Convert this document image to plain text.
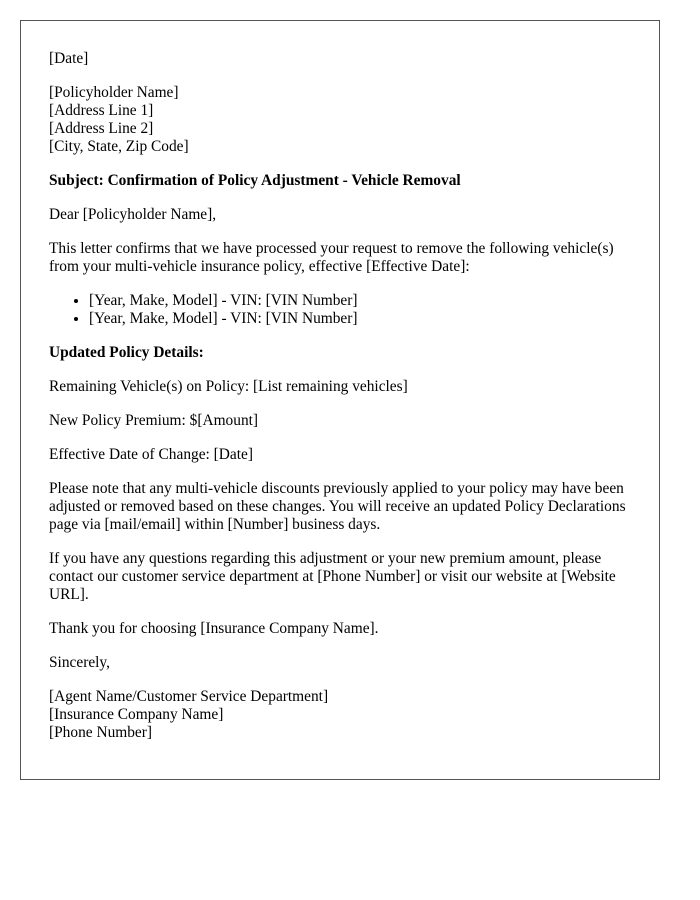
[Date]

[Policyholder Name]
[Address Line 1]
[Address Line 2]
[City, State, Zip Code]

Subject: Confirmation of Policy Adjustment - Vehicle Removal

Dear [Policyholder Name],

This letter confirms that we have processed your request to remove the following vehicle(s) from your multi-vehicle insurance policy, effective [Effective Date]:

• [Year, Make, Model] - VIN: [VIN Number]
• [Year, Make, Model] - VIN: [VIN Number]

Updated Policy Details:

Remaining Vehicle(s) on Policy: [List remaining vehicles]

New Policy Premium: $[Amount]

Effective Date of Change: [Date]

Please note that any multi-vehicle discounts previously applied to your policy may have been adjusted or removed based on these changes. You will receive an updated Policy Declarations page via [mail/email] within [Number] business days.

If you have any questions regarding this adjustment or your new premium amount, please contact our customer service department at [Phone Number] or visit our website at [Website URL].

Thank you for choosing [Insurance Company Name].

Sincerely,

[Agent Name/Customer Service Department]
[Insurance Company Name]
[Phone Number]
